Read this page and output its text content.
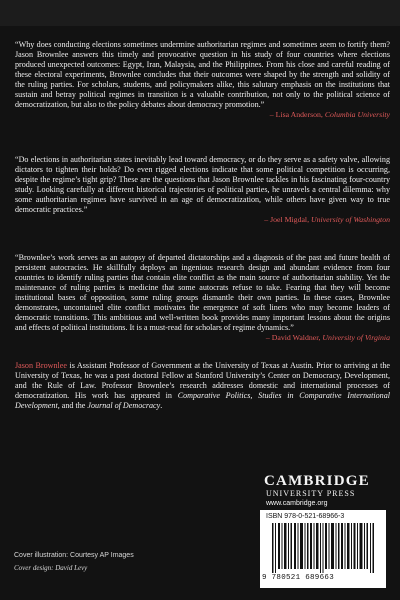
“Why does conducting elections sometimes undermine authoritarian regimes and sometimes seem to fortify them? Jason Brownlee answers this timely and provocative question in his study of four countries where elections produced unexpected outcomes: Egypt, Iran, Malaysia, and the Philippines. From his close and careful reading of these electoral experiments, Brownlee concludes that their outcomes were shaped by the strength and solidity of the ruling parties. For scholars, students, and policymakers alike, this salutary emphasis on the institutions that sustain and betray political regimes in transition is a valuable contribution, not only to the political science of democratization, but also to the policy debates about democracy promotion.”
– Lisa Anderson, Columbia University
“Do elections in authoritarian states inevitably lead toward democracy, or do they serve as a safety valve, allowing dictators to tighten their holds? Do even rigged elections indicate that some political competition is occurring, despite the regime’s tight grip? These are the questions that Jason Brownlee tackles in his fascinating four-country study. Looking carefully at different historical trajectories of political parties, he unravels a central dilemma: why some authoritarian regimes have survived in an age of democratization, while others have given way to true democratic practices.”
– Joel Migdal, University of Washington
“Brownlee’s work serves as an autopsy of departed dictatorships and a diagnosis of the past and future health of persistent autocracies. He skillfully deploys an ingenious research design and abundant evidence from four countries to identify ruling parties that contain elite conflict as the main source of authoritarian stability. Yet the maintenance of ruling parties is medicine that some autocrats refuse to take. Fearing that they will become institutional bases of opposition, some ruling groups dismantle their own parties. In these cases, Brownlee demonstrates, uncontained elite conflict motivates the emergence of soft liners who may become leaders of democratic transitions. This ambitious and well-written book provides many important lessons about the origins and effects of political institutions. It is a must-read for scholars of regime dynamics.”
– David Waldner, University of Virginia
Jason Brownlee is Assistant Professor of Government at the University of Texas at Austin. Prior to arriving at the University of Texas, he was a post doctoral Fellow at Stanford University’s Center on Democracy, Development, and the Rule of Law. Professor Brownlee’s research addresses domestic and international processes of democratization. His work has appeared in Comparative Politics, Studies in Comparative International Development, and the Journal of Democracy.
CAMBRIDGE
UNIVERSITY PRESS
www.cambridge.org
ISBN 978-0-521-68966-3
9 780521 689663
Cover illustration: Courtesy AP Images
Cover design: David Levy
